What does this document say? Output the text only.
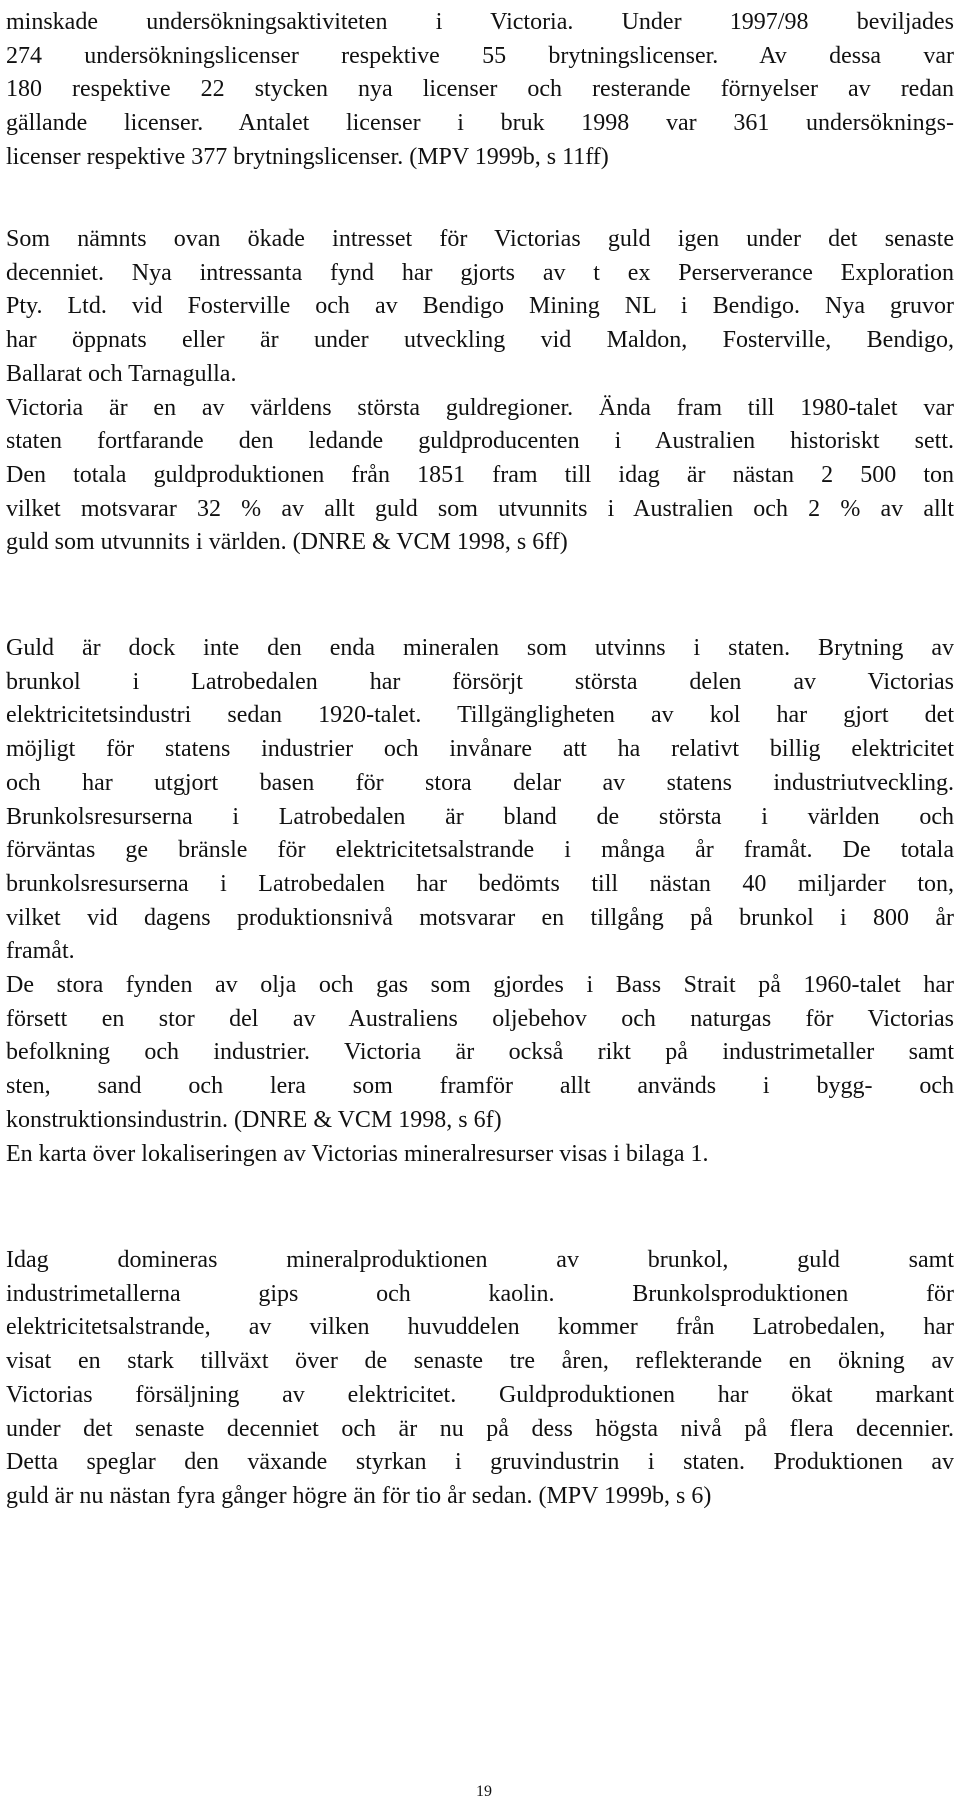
minskade undersökningsaktiviteten i Victoria. Under 1997/98 beviljades
274 undersökningslicenser respektive 55 brytningslicenser. Av dessa var
180 respektive 22 stycken nya licenser och resterande förnyelser av redan
gällande licenser. Antalet licenser i bruk 1998 var 361 undersöknings-
licenser respektive 377 brytningslicenser. (MPV 1999b, s 11ff)

Som nämnts ovan ökade intresset för Victorias guld igen under det senaste
decenniet. Nya intressanta fynd har gjorts av t ex Perserverance Exploration
Pty. Ltd. vid Fosterville och av Bendigo Mining NL i Bendigo. Nya gruvor
har öppnats eller är under utveckling vid Maldon, Fosterville, Bendigo,
Ballarat och Tarnagulla.
Victoria är en av världens största guldregioner. Ända fram till 1980-talet var
staten fortfarande den ledande guldproducenten i Australien historiskt sett.
Den totala guldproduktionen från 1851 fram till idag är nästan 2 500 ton
vilket motsvarar 32 % av allt guld som utvunnits i Australien och 2 % av allt
guld som utvunnits i världen. (DNRE & VCM 1998, s 6ff)

Guld är dock inte den enda mineralen som utvinns i staten. Brytning av
brunkol i Latrobedalen har försörjt största delen av Victorias
elektricitetsindustri sedan 1920-talet. Tillgängligheten av kol har gjort det
möjligt för statens industrier och invånare att ha relativt billig elektricitet
och har utgjort basen för stora delar av statens industriutveckling.
Brunkolsresurserna i Latrobedalen är bland de största i världen och
förväntas ge bränsle för elektricitetsalstrande i många år framåt. De totala
brunkolsresurserna i Latrobedalen har bedömts till nästan 40 miljarder ton,
vilket vid dagens produktionsnivå motsvarar en tillgång på brunkol i 800 år
framåt.
De stora fynden av olja och gas som gjordes i Bass Strait på 1960-talet har
försett en stor del av Australiens oljebehov och naturgas för Victorias
befolkning och industrier. Victoria är också rikt på industrimetaller samt
sten, sand och lera som framför allt används i bygg- och
konstruktionsindustrin. (DNRE & VCM 1998, s 6f)
En karta över lokaliseringen av Victorias mineralresurser visas i bilaga 1.

Idag domineras mineralproduktionen av brunkol, guld samt
industrimetallerna gips och kaolin. Brunkolsproduktionen för
elektricitetsalstrande, av vilken huvuddelen kommer från Latrobedalen, har
visat en stark tillväxt över de senaste tre åren, reflekterande en ökning av
Victorias försäljning av elektricitet. Guldproduktionen har ökat markant
under det senaste decenniet och är nu på dess högsta nivå på flera decennier.
Detta speglar den växande styrkan i gruvindustrin i staten. Produktionen av
guld är nu nästan fyra gånger högre än för tio år sedan. (MPV 1999b, s 6)

19
